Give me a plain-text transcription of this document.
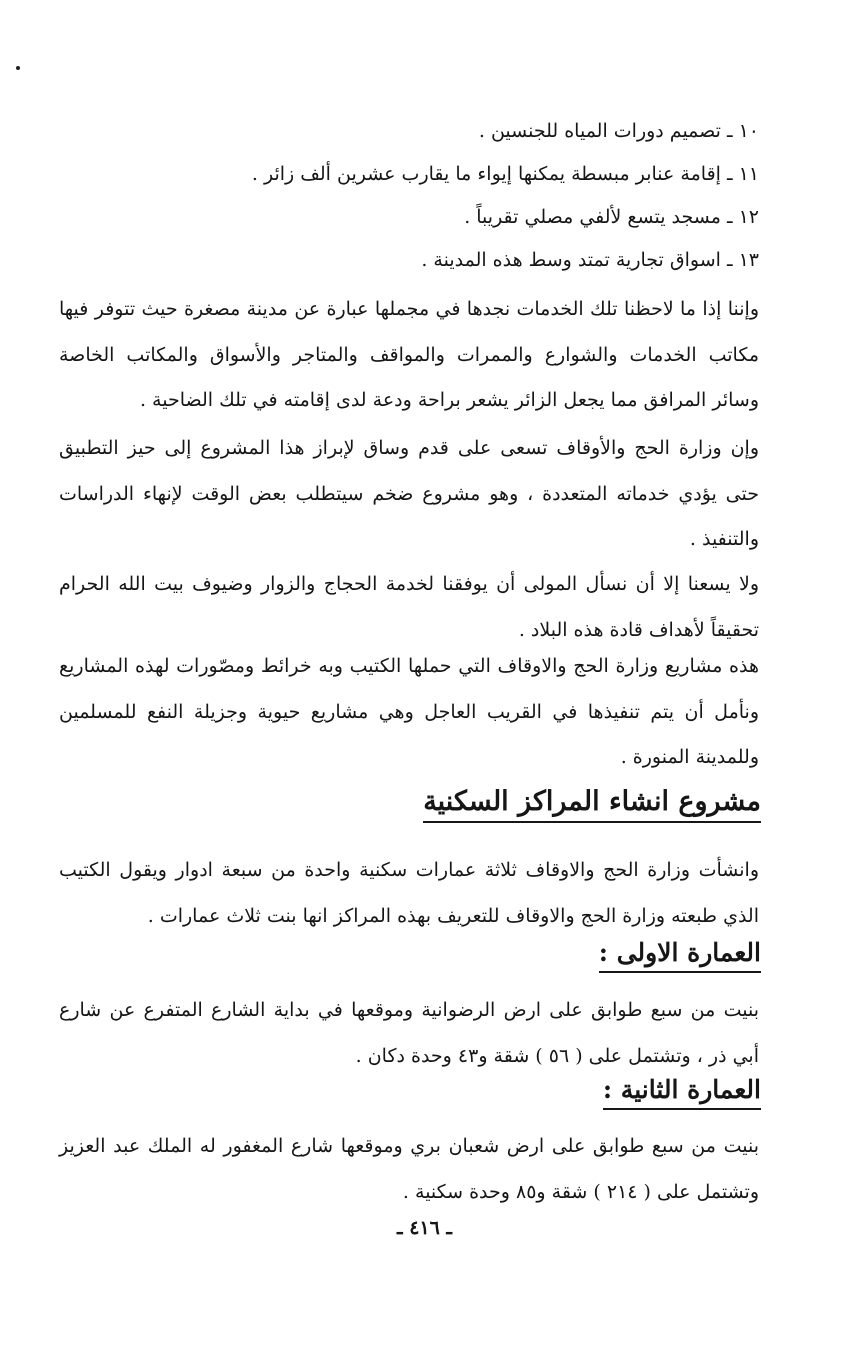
١٠ ـ تصميم دورات المياه للجنسين .
١١ ـ إقامة عنابر مبسطة يمكنها إيواء ما يقارب عشرين ألف زائر .
١٢ ـ مسجد يتسع لألفي مصلي تقريباً .
١٣ ـ اسواق تجارية تمتد وسط هذه المدينة .

وإننا إذا ما لاحظنا تلك الخدمات نجدها في مجملها عبارة عن مدينة مصغرة حيث تتوفر فيها مكاتب الخدمات والشوارع والممرات والمواقف والمتاجر والأسواق والمكاتب الخاصة وسائر المرافق مما يجعل الزائر يشعر براحة ودعة لدى إقامته في تلك الضاحية .

وإن وزارة الحج والأوقاف تسعى على قدم وساق لإبراز هذا المشروع إلى حيز التطبيق حتى يؤدي خدماته المتعددة ، وهو مشروع ضخم سيتطلب بعض الوقت لإنهاء الدراسات والتنفيذ .

ولا يسعنا إلا أن نسأل المولى أن يوفقنا لخدمة الحجاج والزوار وضيوف بيت الله الحرام تحقيقاً لأهداف قادة هذه البلاد .

هذه مشاريع وزارة الحج والاوقاف التي حملها الكتيب وبه خرائط ومصّورات لهذه المشاريع ونأمل أن يتم تنفيذها في القريب العاجل وهي مشاريع حيوية وجزيلة النفع للمسلمين وللمدينة المنورة .

مشروع انشاء المراكز السكنية

وانشأت وزارة الحج والاوقاف ثلاثة عمارات سكنية واحدة من سبعة ادوار ويقول الكتيب الذي طبعته وزارة الحج والاوقاف للتعريف بهذه المراكز انها بنت ثلاث عمارات .

العمارة الاولى :

بنيت من سبع طوابق على ارض الرضوانية وموقعها في بداية الشارع المتفرع عن شارع أبي ذر ، وتشتمل على ( ٥٦ ) شقة و٤٣ وحدة دكان .

العمارة الثانية :

بنيت من سبع طوابق على ارض شعبان بري وموقعها شارع المغفور له الملك عبد العزيز وتشتمل على ( ٢١٤ ) شقة و٨٥ وحدة سكنية .

ـ ٤١٦ ـ
